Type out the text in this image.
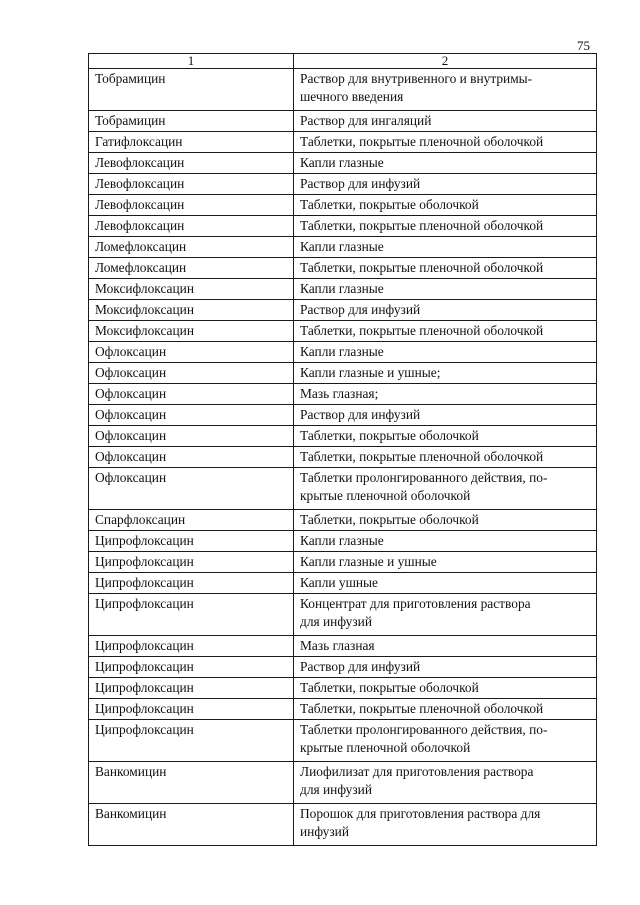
75
1	2
Тобрамицин	Раствор для внутривенного и внутримы-
шечного введения
Тобрамицин	Раствор для ингаляций
Гатифлоксацин	Таблетки, покрытые пленочной оболочкой
Левофлоксацин	Капли глазные
Левофлоксацин	Раствор для инфузий
Левофлоксацин	Таблетки, покрытые оболочкой
Левофлоксацин	Таблетки, покрытые пленочной оболочкой
Ломефлоксацин	Капли глазные
Ломефлоксацин	Таблетки, покрытые пленочной оболочкой
Моксифлоксацин	Капли глазные
Моксифлоксацин	Раствор для инфузий
Моксифлоксацин	Таблетки, покрытые пленочной оболочкой
Офлоксацин	Капли глазные
Офлоксацин	Капли глазные и ушные;
Офлоксацин	Мазь глазная;
Офлоксацин	Раствор для инфузий
Офлоксацин	Таблетки, покрытые оболочкой
Офлоксацин	Таблетки, покрытые пленочной оболочкой
Офлоксацин	Таблетки пролонгированного действия, по-
крытые пленочной оболочкой
Спарфлоксацин	Таблетки, покрытые оболочкой
Ципрофлоксацин	Капли глазные
Ципрофлоксацин	Капли глазные и ушные
Ципрофлоксацин	Капли ушные
Ципрофлоксацин	Концентрат для приготовления раствора
для инфузий
Ципрофлоксацин	Мазь глазная
Ципрофлоксацин	Раствор для инфузий
Ципрофлоксацин	Таблетки, покрытые оболочкой
Ципрофлоксацин	Таблетки, покрытые пленочной оболочкой
Ципрофлоксацин	Таблетки пролонгированного действия, по-
крытые пленочной оболочкой
Ванкомицин	Лиофилизат для приготовления раствора
для инфузий
Ванкомицин	Порошок для приготовления раствора для
инфузий
